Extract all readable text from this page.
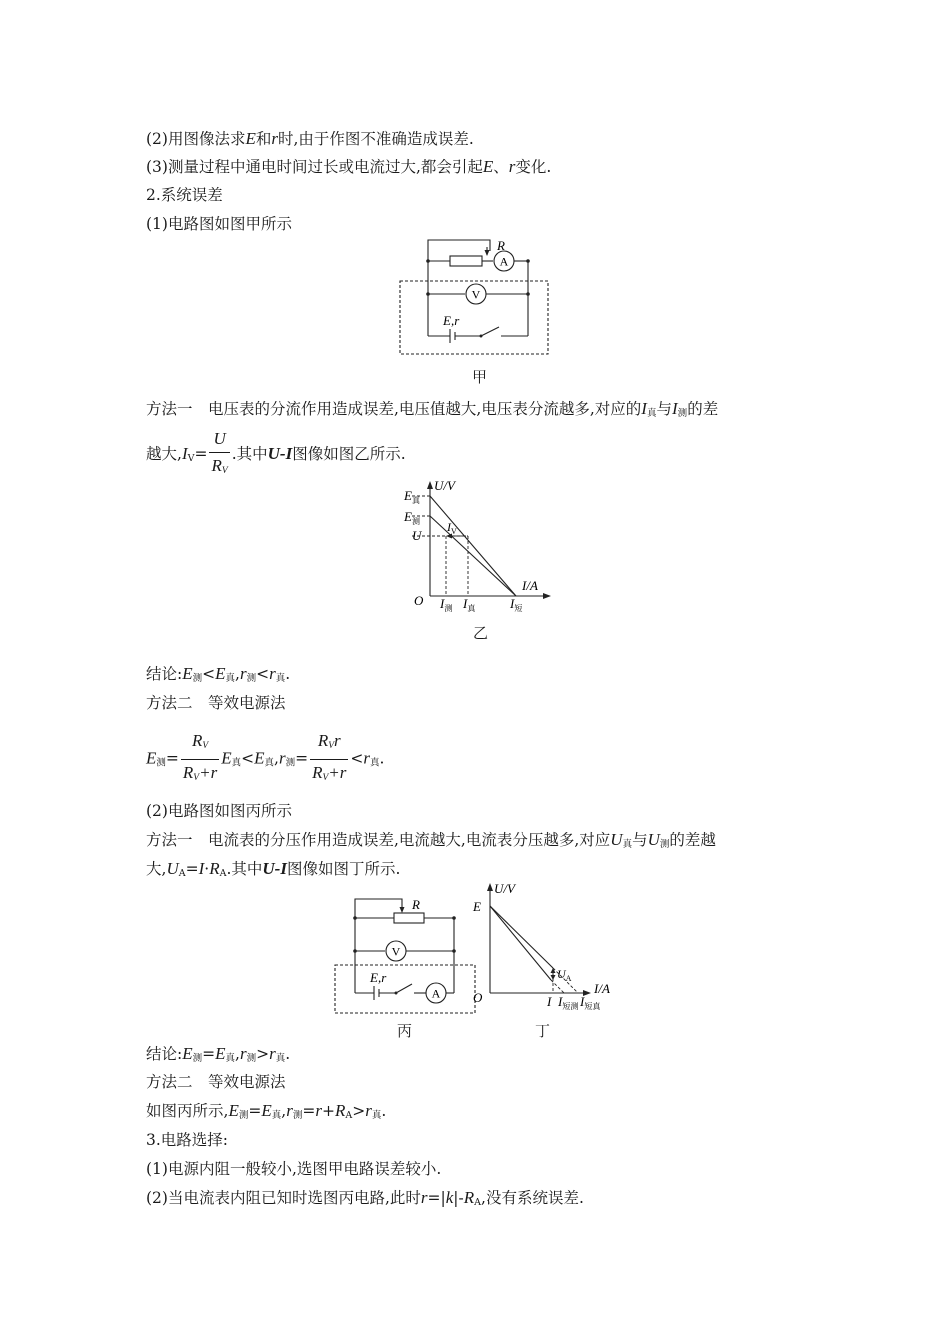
(2)用图像法求E和r时,由于作图不准确造成误差.
(3)测量过程中通电时间过长或电流过大,都会引起E、r变化.
2.系统误差
(1)电路图如图甲所示
R
A
V
E,r
甲
方法一　电压表的分流作用造成误差,电压值越大,电压表分流越多,对应的$I_真$与$I_测$的差
越大$,I_V= \frac{U}{R_V}$ .其中U-I图像如图乙所示.
U/V
I/A
$E_真$
$E_测$
U
$I_V$
O $I_测$ $I_真$	$I_短$
乙
结论$:E_测<E_真,r_测<r_真$.
方法二　等效电源法
$E_测= \frac{R_V}{R_V+r} E_真<E_真,r_测= \frac{R_Vr}{R_V+r} <r_真$.
(2)电路图如图丙所示
方法一　电流表的分压作用造成误差,电流越大,电流表分压越多,对应$U_真$与$U_测$的差越
大$,U_A=I\cdot R_A$.其中U-I图像如图丁所示.
R
V
A
E,r
丙
U/V
I/A
E
O
$U_A$
I $I_{短测}$ $I_{短真}$
丁
结论$:E_测=E_真,r_测>r_真$.
方法二　等效电源法
如图丙所示$,E_测=E_真,r_测=r+R_A>r_真$.
3.电路选择:
(1)电源内阻一般较小,选图甲电路误差较小.
(2)当电流表内阻已知时选图丙电路,此时$r=|k|-R_A$,没有系统误差.
